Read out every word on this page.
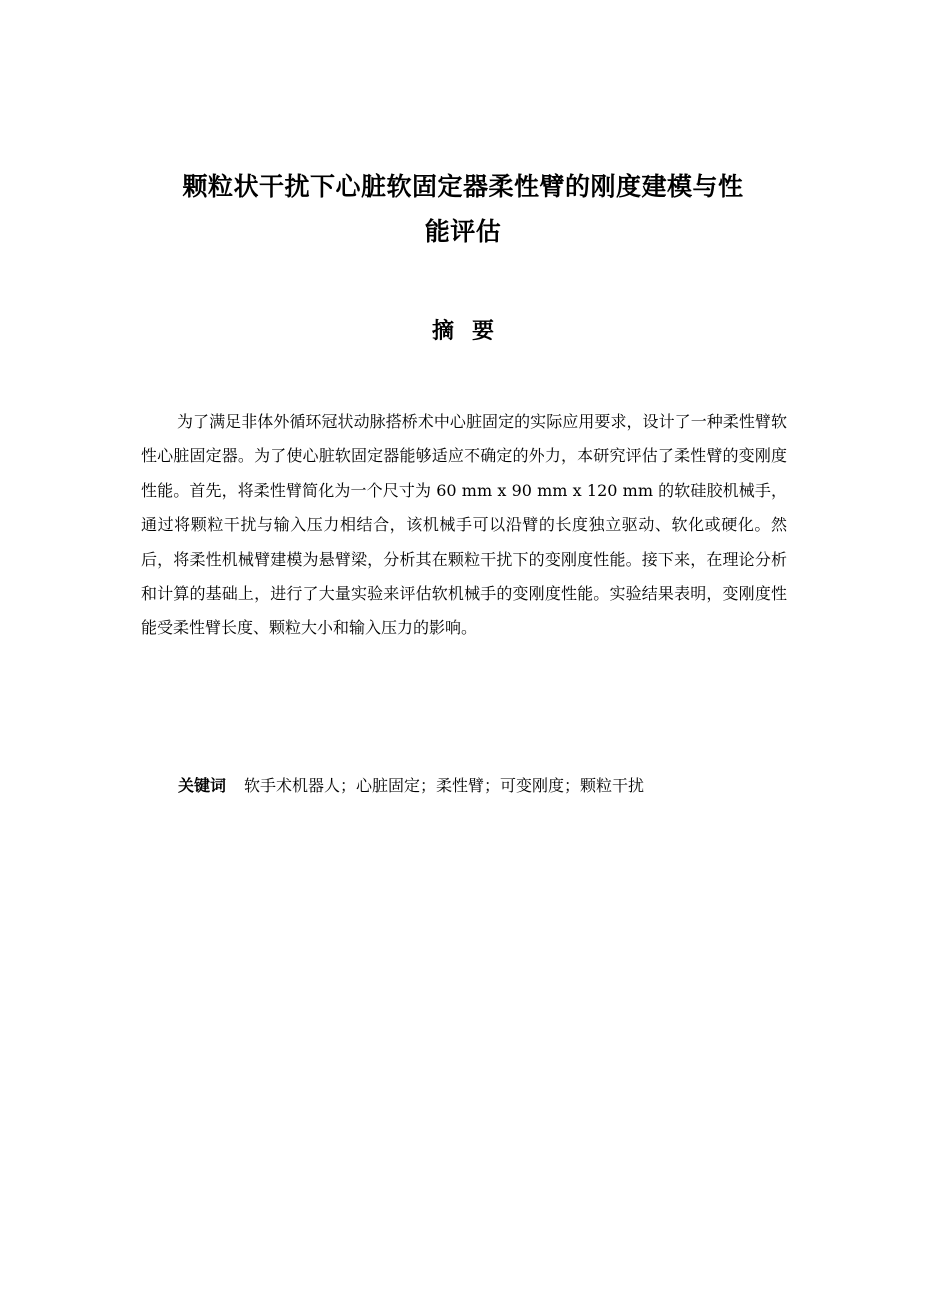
颗粒状干扰下心脏软固定器柔性臂的刚度建模与性
能评估
摘要

为了满足非体外循环冠状动脉搭桥术中心脏固定的实际应用要求，设计了一种柔性臂软性心脏固定器。为了使心脏软固定器能够适应不确定的外力，本研究评估了柔性臂的变刚度性能。首先，将柔性臂简化为一个尺寸为 60 mm x 90 mm x 120 mm 的软硅胶机械手，通过将颗粒干扰与输入压力相结合，该机械手可以沿臂的长度独立驱动、软化或硬化。然后，将柔性机械臂建模为悬臂梁，分析其在颗粒干扰下的变刚度性能。接下来，在理论分析和计算的基础上，进行了大量实验来评估软机械手的变刚度性能。实验结果表明，变刚度性能受柔性臂长度、颗粒大小和输入压力的影响。

关键词 软手术机器人；心脏固定；柔性臂；可变刚度；颗粒干扰
